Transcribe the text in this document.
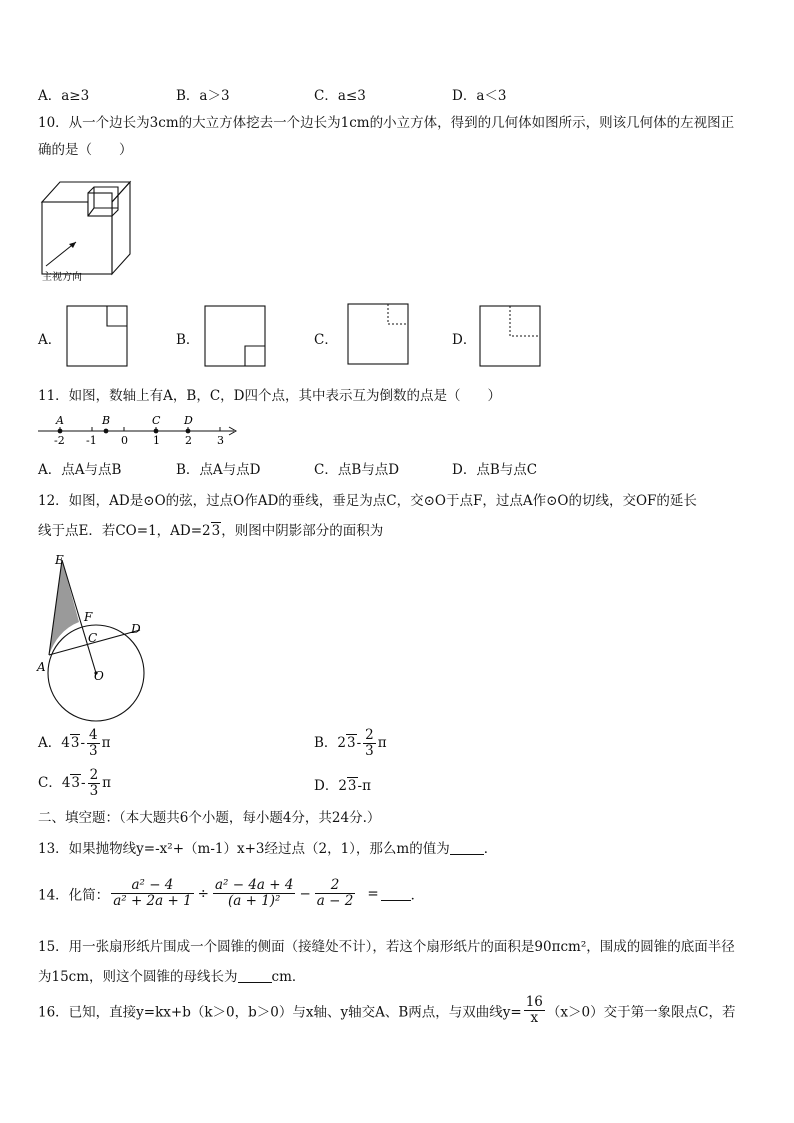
A．a≥3	B．a＞3	C．a≤3	D．a＜3
10．从一个边长为3cm的大立方体挖去一个边长为1cm的小立方体，得到的几何体如图所示，则该几何体的左视图正
确的是（　　）
主视方向
A．	B．	C．	D．
11．如图，数轴上有A，B，C，D四个点，其中表示互为倒数的点是（　　）
-2 -1 0 1 2 3
A	B	C D
A．点A与点B	B．点A与点D	C．点B与点D	D．点B与点C
12．如图，AD是⊙O的弦，过点O作AD的垂线，垂足为点C，交⊙O于点F，过点A作⊙O的切线，交OF的延长
线于点E．若CO=1，AD=23，则图中阴影部分的面积为
E
F
C
D
A
O
A．$43- \frac{4}{3}$ π	B．$23- \frac{2}{3}$ π
C．$43- \frac{2}{3}$ π	D．23-π
二、填空题：（本大题共6个小题，每小题4分，共24分.）
13．如果抛物线y=-x²+（m-1）x+3经过点（2，1），那么m的值为	．
14．化简： $\frac{\text{a² − 4}}{\text{a² + 2a + 1}} \div \frac{\text{a² − 4a + 4}}{\text{(a + 1)²}} - \frac{2}{a - 2}$ = ．
15．用一张扇形纸片围成一个圆锥的侧面（接缝处不计），若这个扇形纸片的面积是90πcm²，围成的圆锥的底面半径
为15cm，则这个圆锥的母线长为	cm．
16．已知，直接y=kx+b（k＞0，b＞0）与x轴、y轴交A、B两点，与双曲线$y= \frac{16}{x} (x>0)$交于第一象限点C，若
